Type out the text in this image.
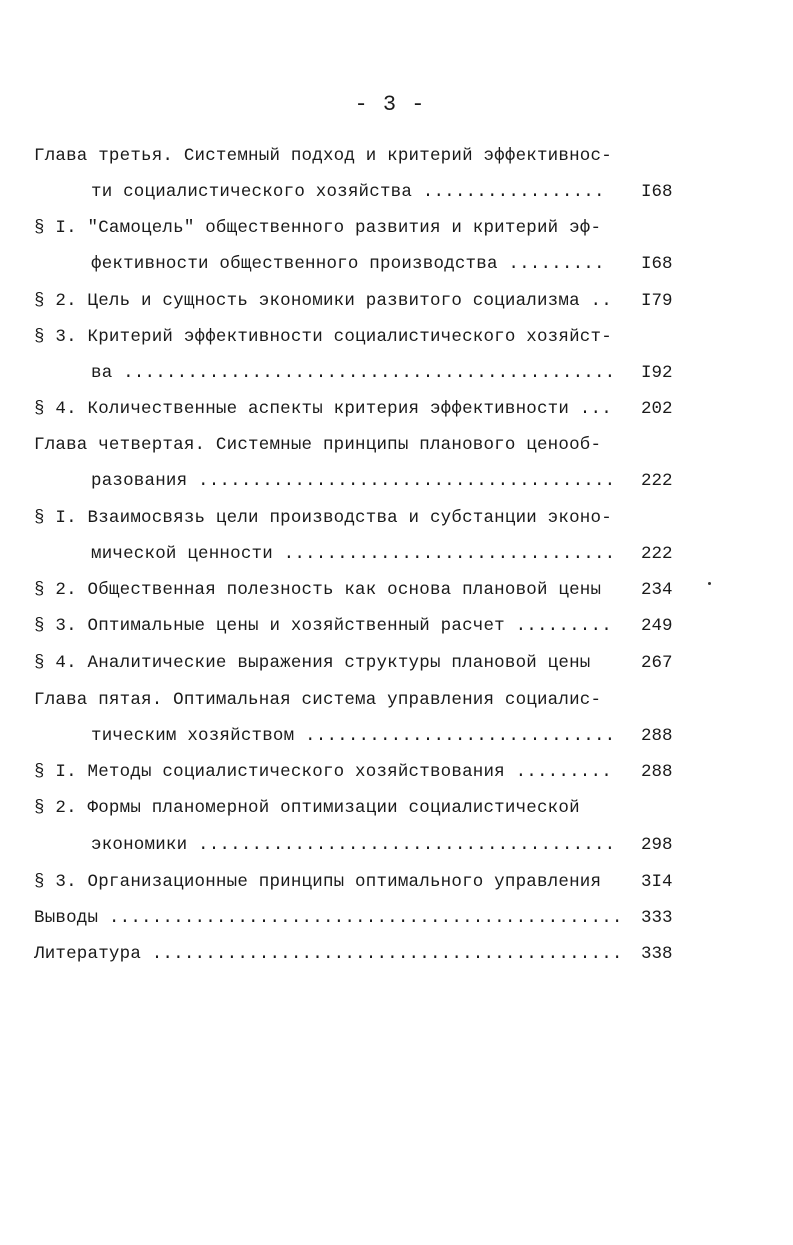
- 3 -
Глава третья. Системный подход и критерий эффективнос-
ти социалистического хозяйства .................	I68
§ I. "Самоцель" общественного развития и критерий эф-
фективности общественного производства .........	I68
§ 2. Цель и сущность экономики развитого социализма ..	I79
§ 3. Критерий эффективности социалистического хозяйст-
ва ..............................................	I92
§ 4. Количественные аспекты критерия эффективности ...	202
Глава четвертая. Системные принципы планового ценооб-
разования .......................................	222
§ I. Взаимосвязь цели производства и субстанции эконо-
мической ценности ...............................	222
§ 2. Общественная полезность как основа плановой цены	234
§ 3. Оптимальные цены и хозяйственный расчет .........	249
§ 4. Аналитические выражения структуры плановой цены	267
Глава пятая. Оптимальная система управления социалис-
тическим хозяйством .............................	288
§ I. Методы социалистического хозяйствования .........	288
§ 2. Формы планомерной оптимизации социалистической
экономики .......................................	298
§ 3. Организационные принципы оптимального управления	3I4
Выводы ................................................	333
Литература ............................................	338
